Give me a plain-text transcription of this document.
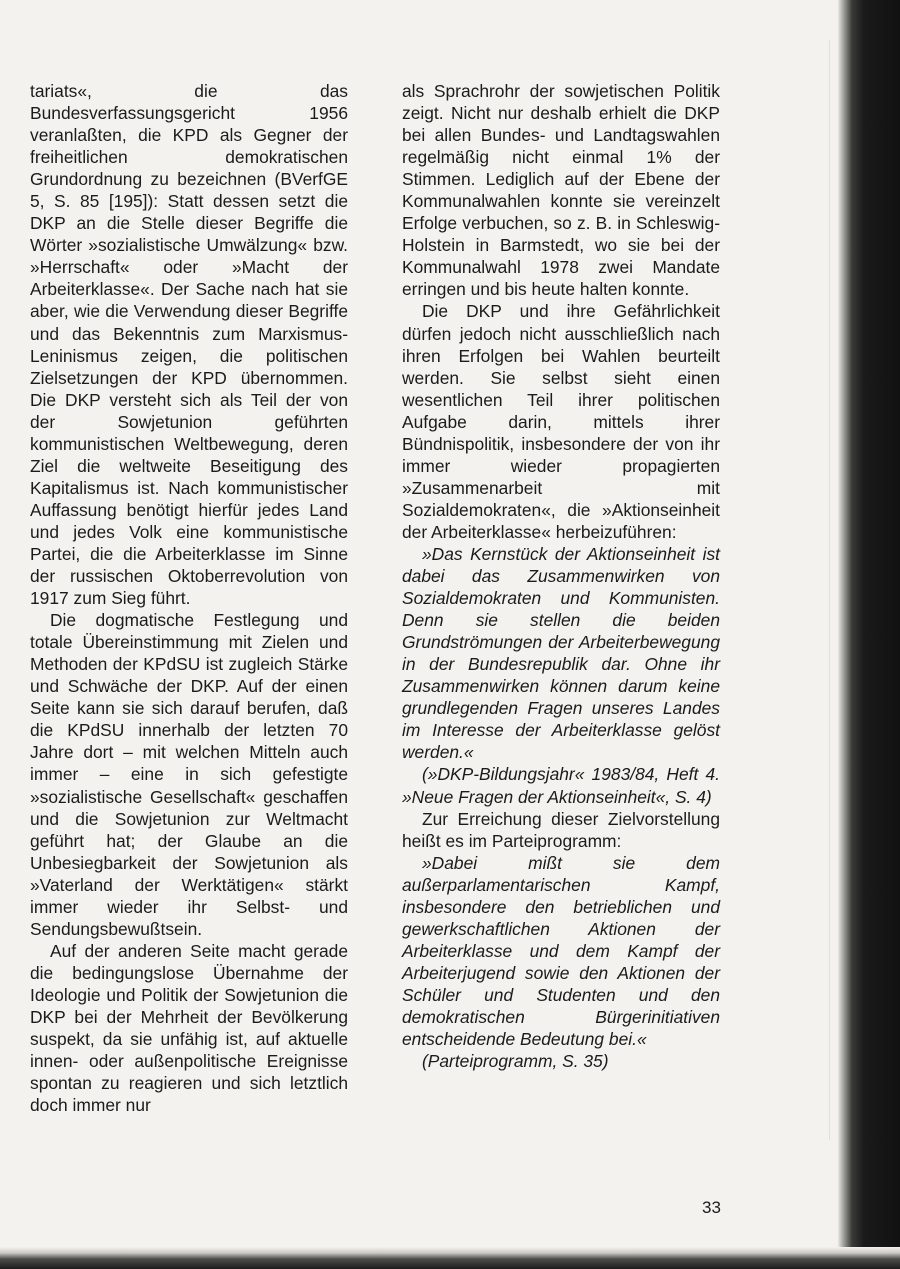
tariats«, die das Bundesverfassungsgericht 1956 veranlaßten, die KPD als Gegner der freiheitlichen demokratischen Grundordnung zu bezeichnen (BVerfGE 5, S. 85 [195]): Statt dessen setzt die DKP an die Stelle dieser Begriffe die Wörter »sozialistische Umwälzung« bzw. »Herrschaft« oder »Macht der Arbeiterklasse«. Der Sache nach hat sie aber, wie die Verwendung dieser Begriffe und das Bekenntnis zum Marxismus-Leninismus zeigen, die politischen Zielsetzungen der KPD übernommen. Die DKP versteht sich als Teil der von der Sowjetunion geführten kommunistischen Weltbewegung, deren Ziel die weltweite Beseitigung des Kapitalismus ist. Nach kommunistischer Auffassung benötigt hierfür jedes Land und jedes Volk eine kommunistische Partei, die die Arbeiterklasse im Sinne der russischen Oktoberrevolution von 1917 zum Sieg führt.

Die dogmatische Festlegung und totale Übereinstimmung mit Zielen und Methoden der KPdSU ist zugleich Stärke und Schwäche der DKP. Auf der einen Seite kann sie sich darauf berufen, daß die KPdSU innerhalb der letzten 70 Jahre dort – mit welchen Mitteln auch immer – eine in sich gefestigte »sozialistische Gesellschaft« geschaffen und die Sowjetunion zur Weltmacht geführt hat; der Glaube an die Unbesiegbarkeit der Sowjetunion als »Vaterland der Werktätigen« stärkt immer wieder ihr Selbst- und Sendungsbewußtsein.

Auf der anderen Seite macht gerade die bedingungslose Übernahme der Ideologie und Politik der Sowjetunion die DKP bei der Mehrheit der Bevölkerung suspekt, da sie unfähig ist, auf aktuelle innen- oder außenpolitische Ereignisse spontan zu reagieren und sich letztlich doch immer nur

als Sprachrohr der sowjetischen Politik zeigt. Nicht nur deshalb erhielt die DKP bei allen Bundes- und Landtagswahlen regelmäßig nicht einmal 1% der Stimmen. Lediglich auf der Ebene der Kommunalwahlen konnte sie vereinzelt Erfolge verbuchen, so z. B. in Schleswig-Holstein in Barmstedt, wo sie bei der Kommunalwahl 1978 zwei Mandate erringen und bis heute halten konnte.

Die DKP und ihre Gefährlichkeit dürfen jedoch nicht ausschließlich nach ihren Erfolgen bei Wahlen beurteilt werden. Sie selbst sieht einen wesentlichen Teil ihrer politischen Aufgabe darin, mittels ihrer Bündnispolitik, insbesondere der von ihr immer wieder propagierten »Zusammenarbeit mit Sozialdemokraten«, die »Aktionseinheit der Arbeiterklasse« herbeizuführen:

»Das Kernstück der Aktionseinheit ist dabei das Zusammenwirken von Sozialdemokraten und Kommunisten. Denn sie stellen die beiden Grundströmungen der Arbeiterbewegung in der Bundesrepublik dar. Ohne ihr Zusammenwirken können darum keine grundlegenden Fragen unseres Landes im Interesse der Arbeiterklasse gelöst werden.«

(»DKP-Bildungsjahr« 1983/84, Heft 4. »Neue Fragen der Aktionseinheit«, S. 4)

Zur Erreichung dieser Zielvorstellung heißt es im Parteiprogramm:

»Dabei mißt sie dem außerparlamentarischen Kampf, insbesondere den betrieblichen und gewerkschaftlichen Aktionen der Arbeiterklasse und dem Kampf der Arbeiterjugend sowie den Aktionen der Schüler und Studenten und den demokratischen Bürgerinitiativen entscheidende Bedeutung bei.«

(Parteiprogramm, S. 35)

33
